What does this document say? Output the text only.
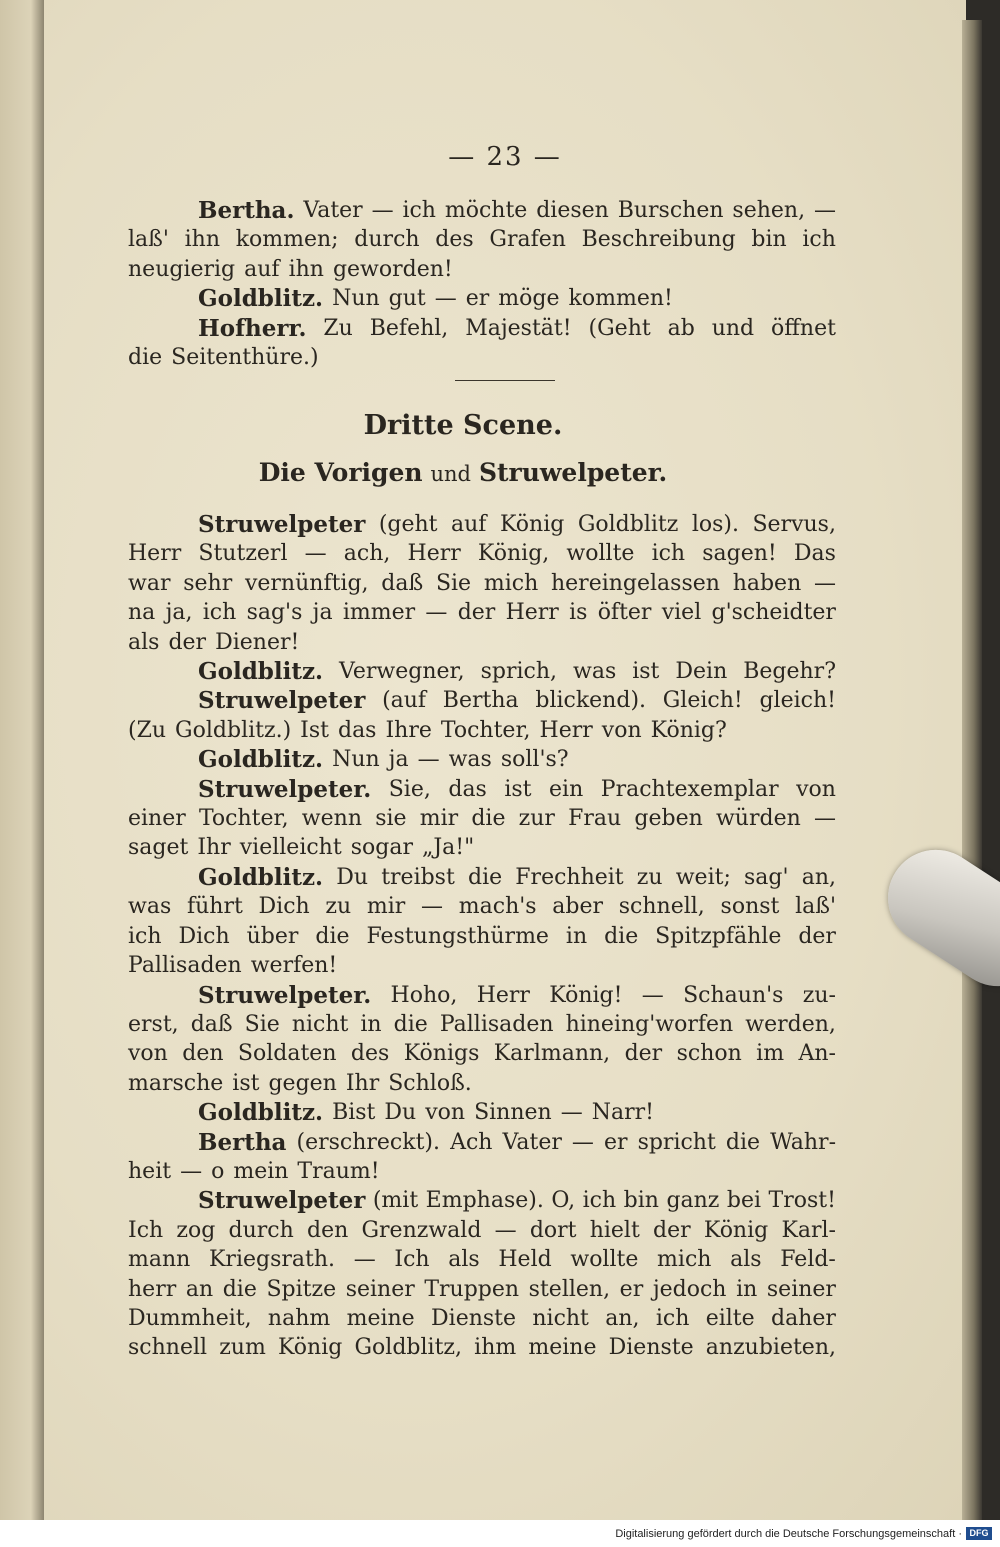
— 23 —
Bertha. Vater — ich möchte diesen Burschen sehen, —
laß' ihn kommen; durch des Grafen Beschreibung bin ich
neugierig auf ihn geworden!
Goldblitz. Nun gut — er möge kommen!
Hofherr. Zu Befehl, Majestät! (Geht ab und öffnet
die Seitenthüre.)
Dritte Scene.
Die Vorigen und Struwelpeter.
Struwelpeter (geht auf König Goldblitz los). Servus,
Herr Stutzerl — ach, Herr König, wollte ich sagen! Das
war sehr vernünftig, daß Sie mich hereingelassen haben —
na ja, ich sag's ja immer — der Herr is öfter viel g'scheidter
als der Diener!
Goldblitz. Verwegner, sprich, was ist Dein Begehr?
Struwelpeter (auf Bertha blickend). Gleich! gleich!
(Zu Goldblitz.) Ist das Ihre Tochter, Herr von König?
Goldblitz. Nun ja — was soll's?
Struwelpeter. Sie, das ist ein Prachtexemplar von
einer Tochter, wenn sie mir die zur Frau geben würden —
saget Ihr vielleicht sogar „Ja!"
Goldblitz. Du treibst die Frechheit zu weit; sag' an,
was führt Dich zu mir — mach's aber schnell, sonst laß'
ich Dich über die Festungsthürme in die Spitzpfähle der
Pallisaden werfen!
Struwelpeter. Hoho, Herr König! — Schaun's zu-
erst, daß Sie nicht in die Pallisaden hineing'worfen werden,
von den Soldaten des Königs Karlmann, der schon im An-
marsche ist gegen Ihr Schloß.
Goldblitz. Bist Du von Sinnen — Narr!
Bertha (erschreckt). Ach Vater — er spricht die Wahr-
heit — o mein Traum!
Struwelpeter (mit Emphase). O, ich bin ganz bei Trost!
Ich zog durch den Grenzwald — dort hielt der König Karl-
mann Kriegsrath. — Ich als Held wollte mich als Feld-
herr an die Spitze seiner Truppen stellen, er jedoch in seiner
Dummheit, nahm meine Dienste nicht an, ich eilte daher
schnell zum König Goldblitz, ihm meine Dienste anzubieten,
Digitalisierung gefördert durch die Deutsche Forschungsgemeinschaft · DFG
